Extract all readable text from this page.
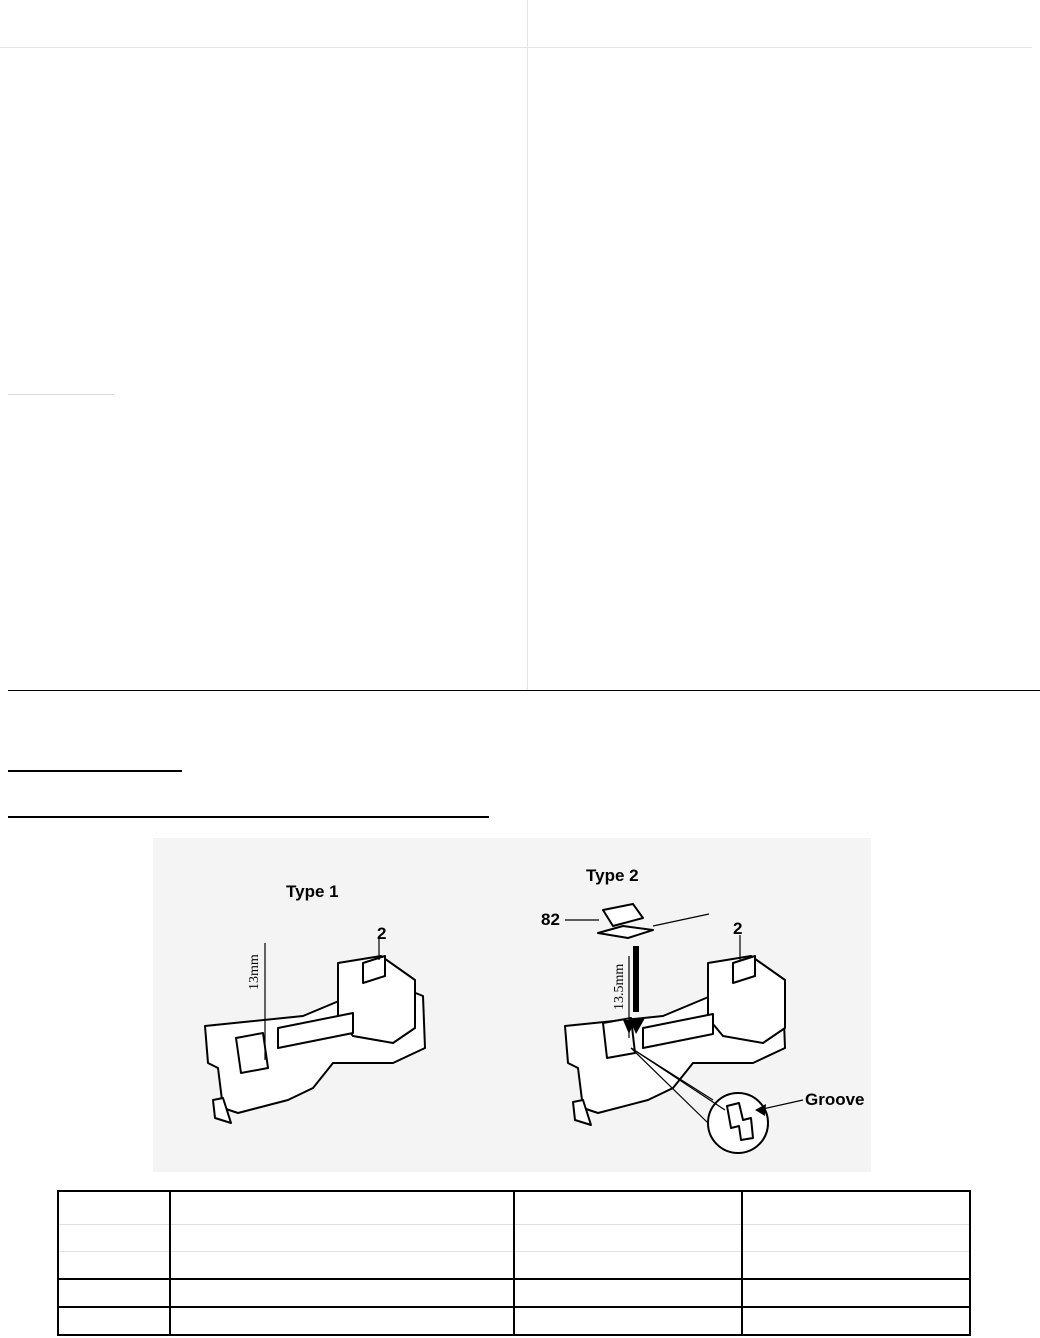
Type 1
Type 2
2	2
82
13mm	13.5mm
Groove
